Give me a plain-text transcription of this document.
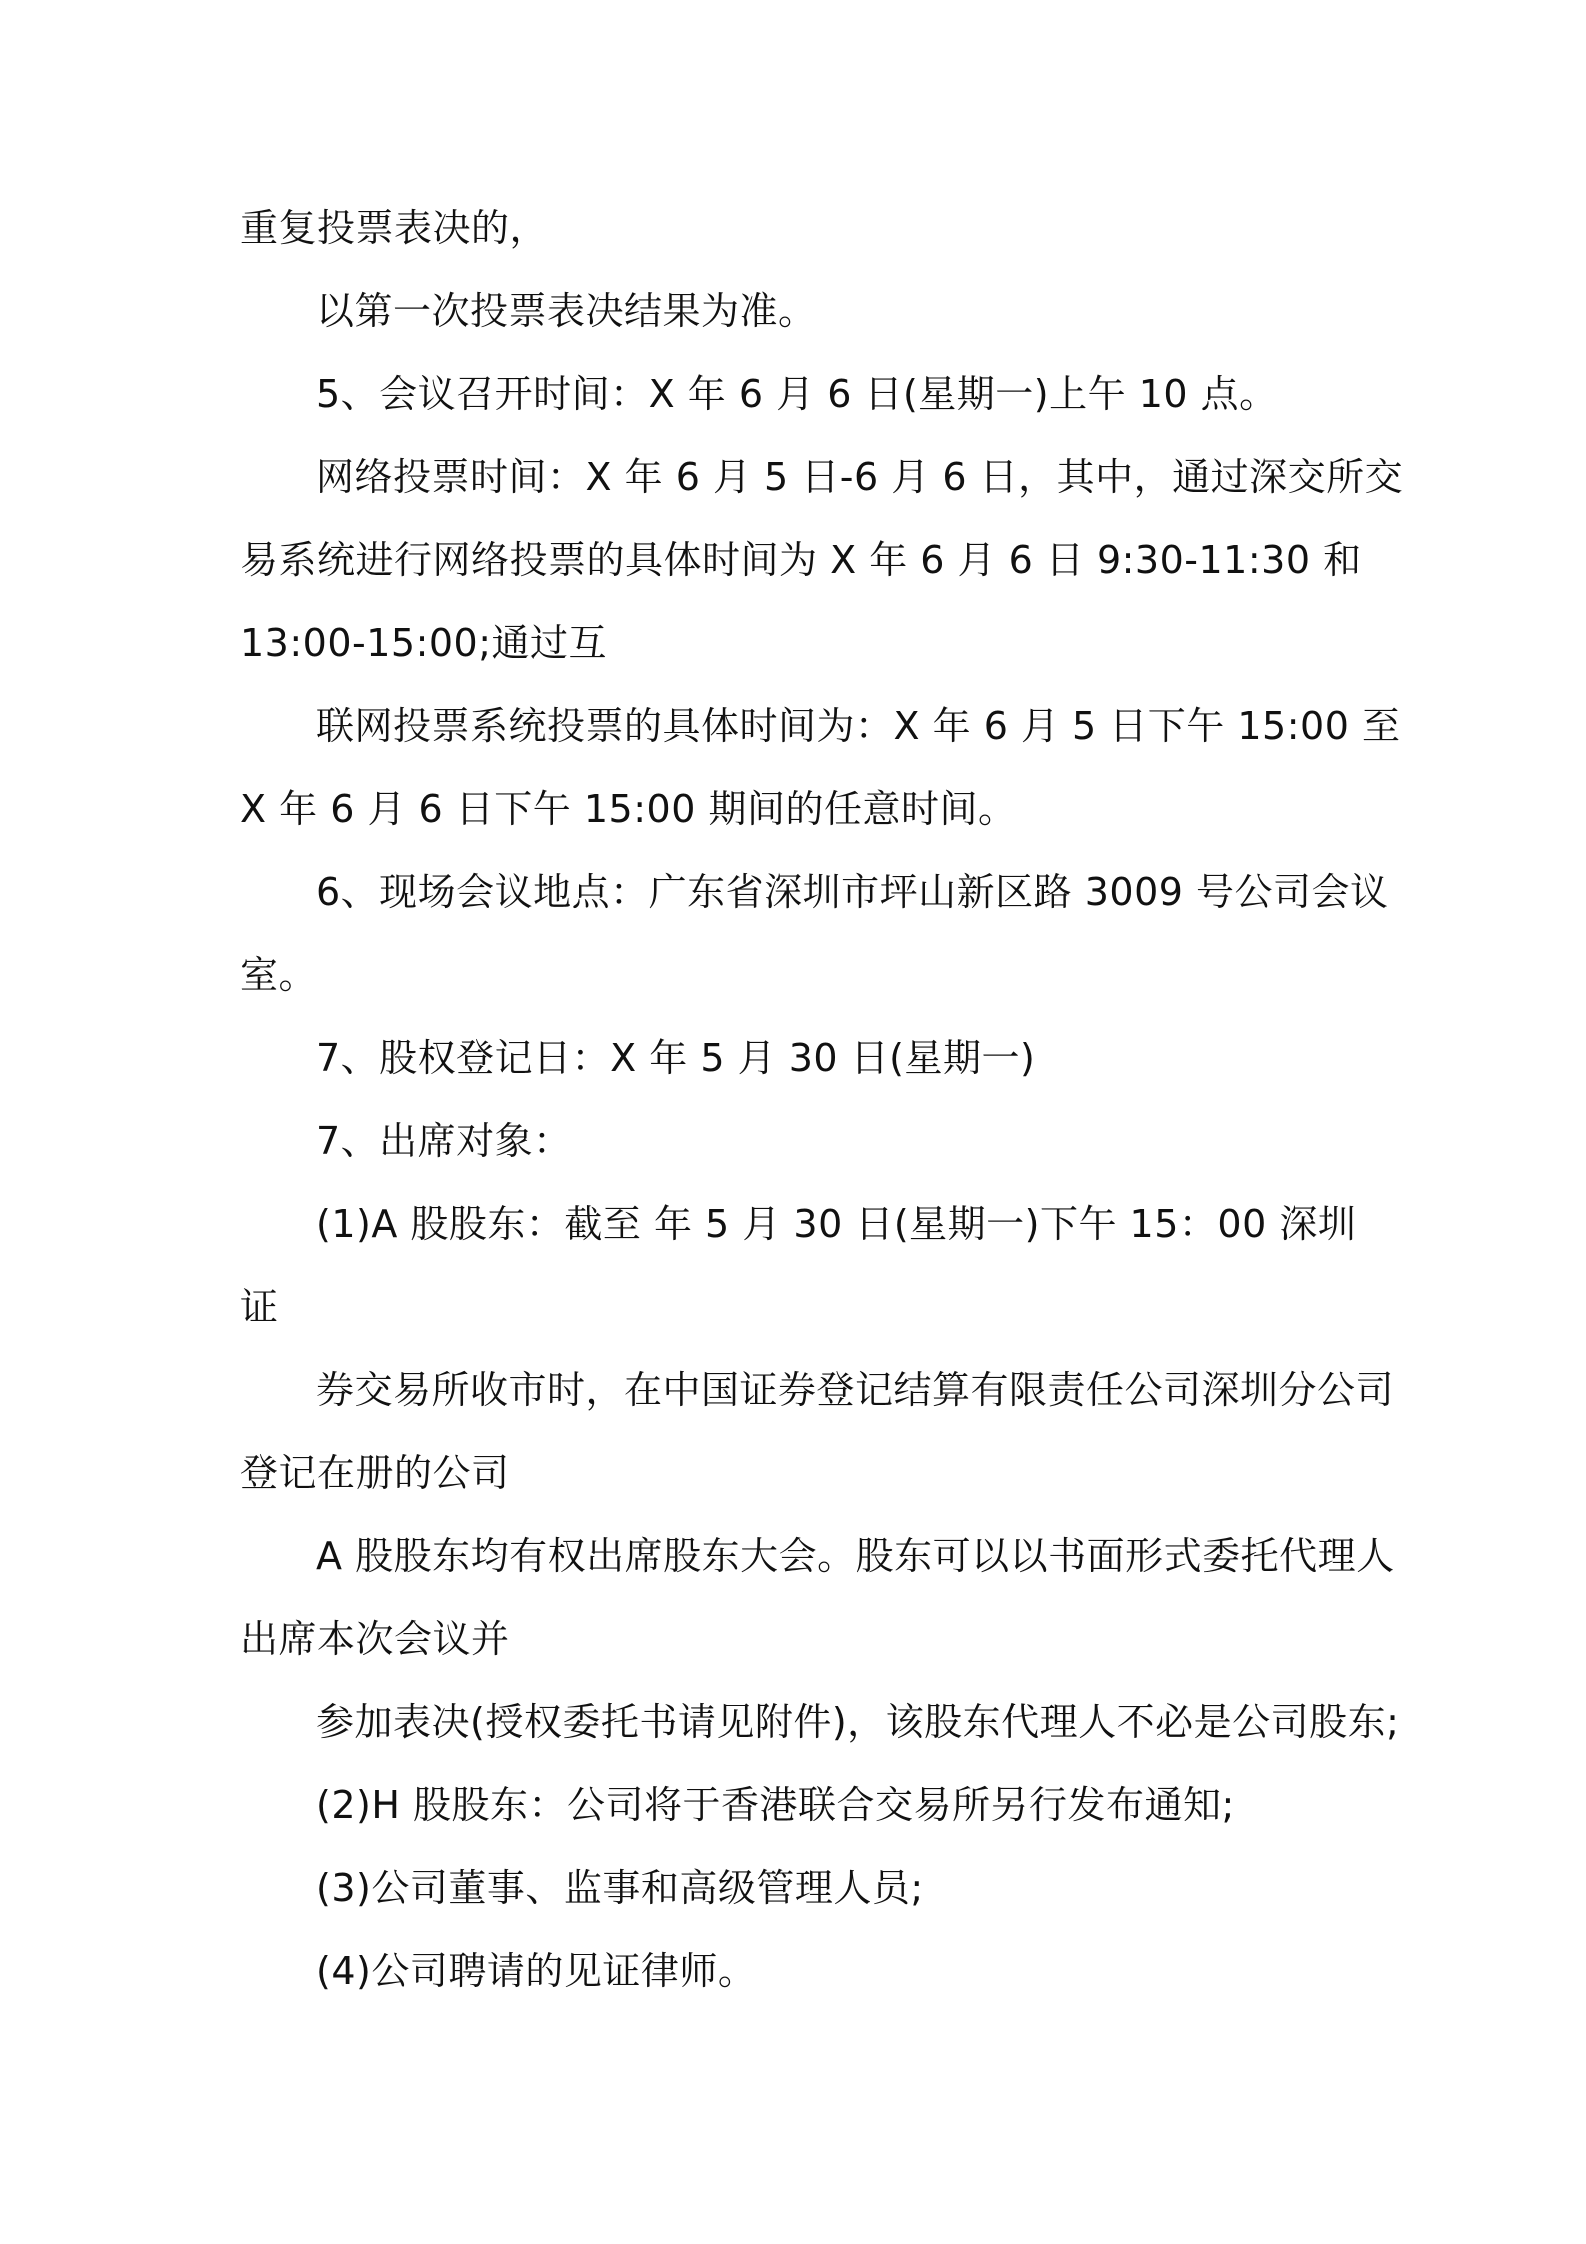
重复投票表决的，

以第一次投票表决结果为准。

5、会议召开时间：X 年 6 月 6 日(星期一)上午 10 点。

网络投票时间：X 年 6 月 5 日-6 月 6 日，其中，通过深交所交

易系统进行网络投票的具体时间为 X 年 6 月 6 日 9:30-11:30 和

13:00-15:00;通过互

联网投票系统投票的具体时间为：X 年 6 月 5 日下午 15:00 至

X 年 6 月 6 日下午 15:00 期间的任意时间。

6、现场会议地点：广东省深圳市坪山新区路 3009 号公司会议

室。

7、股权登记日：X 年 5 月 30 日(星期一)

7、出席对象：

(1)A 股股东：截至 年 5 月 30 日(星期一)下午 15：00 深圳

证

券交易所收市时，在中国证券登记结算有限责任公司深圳分公司

登记在册的公司

A 股股东均有权出席股东大会。股东可以以书面形式委托代理人

出席本次会议并

参加表决(授权委托书请见附件)，该股东代理人不必是公司股东;

(2)H 股股东：公司将于香港联合交易所另行发布通知;

(3)公司董事、监事和高级管理人员;

(4)公司聘请的见证律师。
